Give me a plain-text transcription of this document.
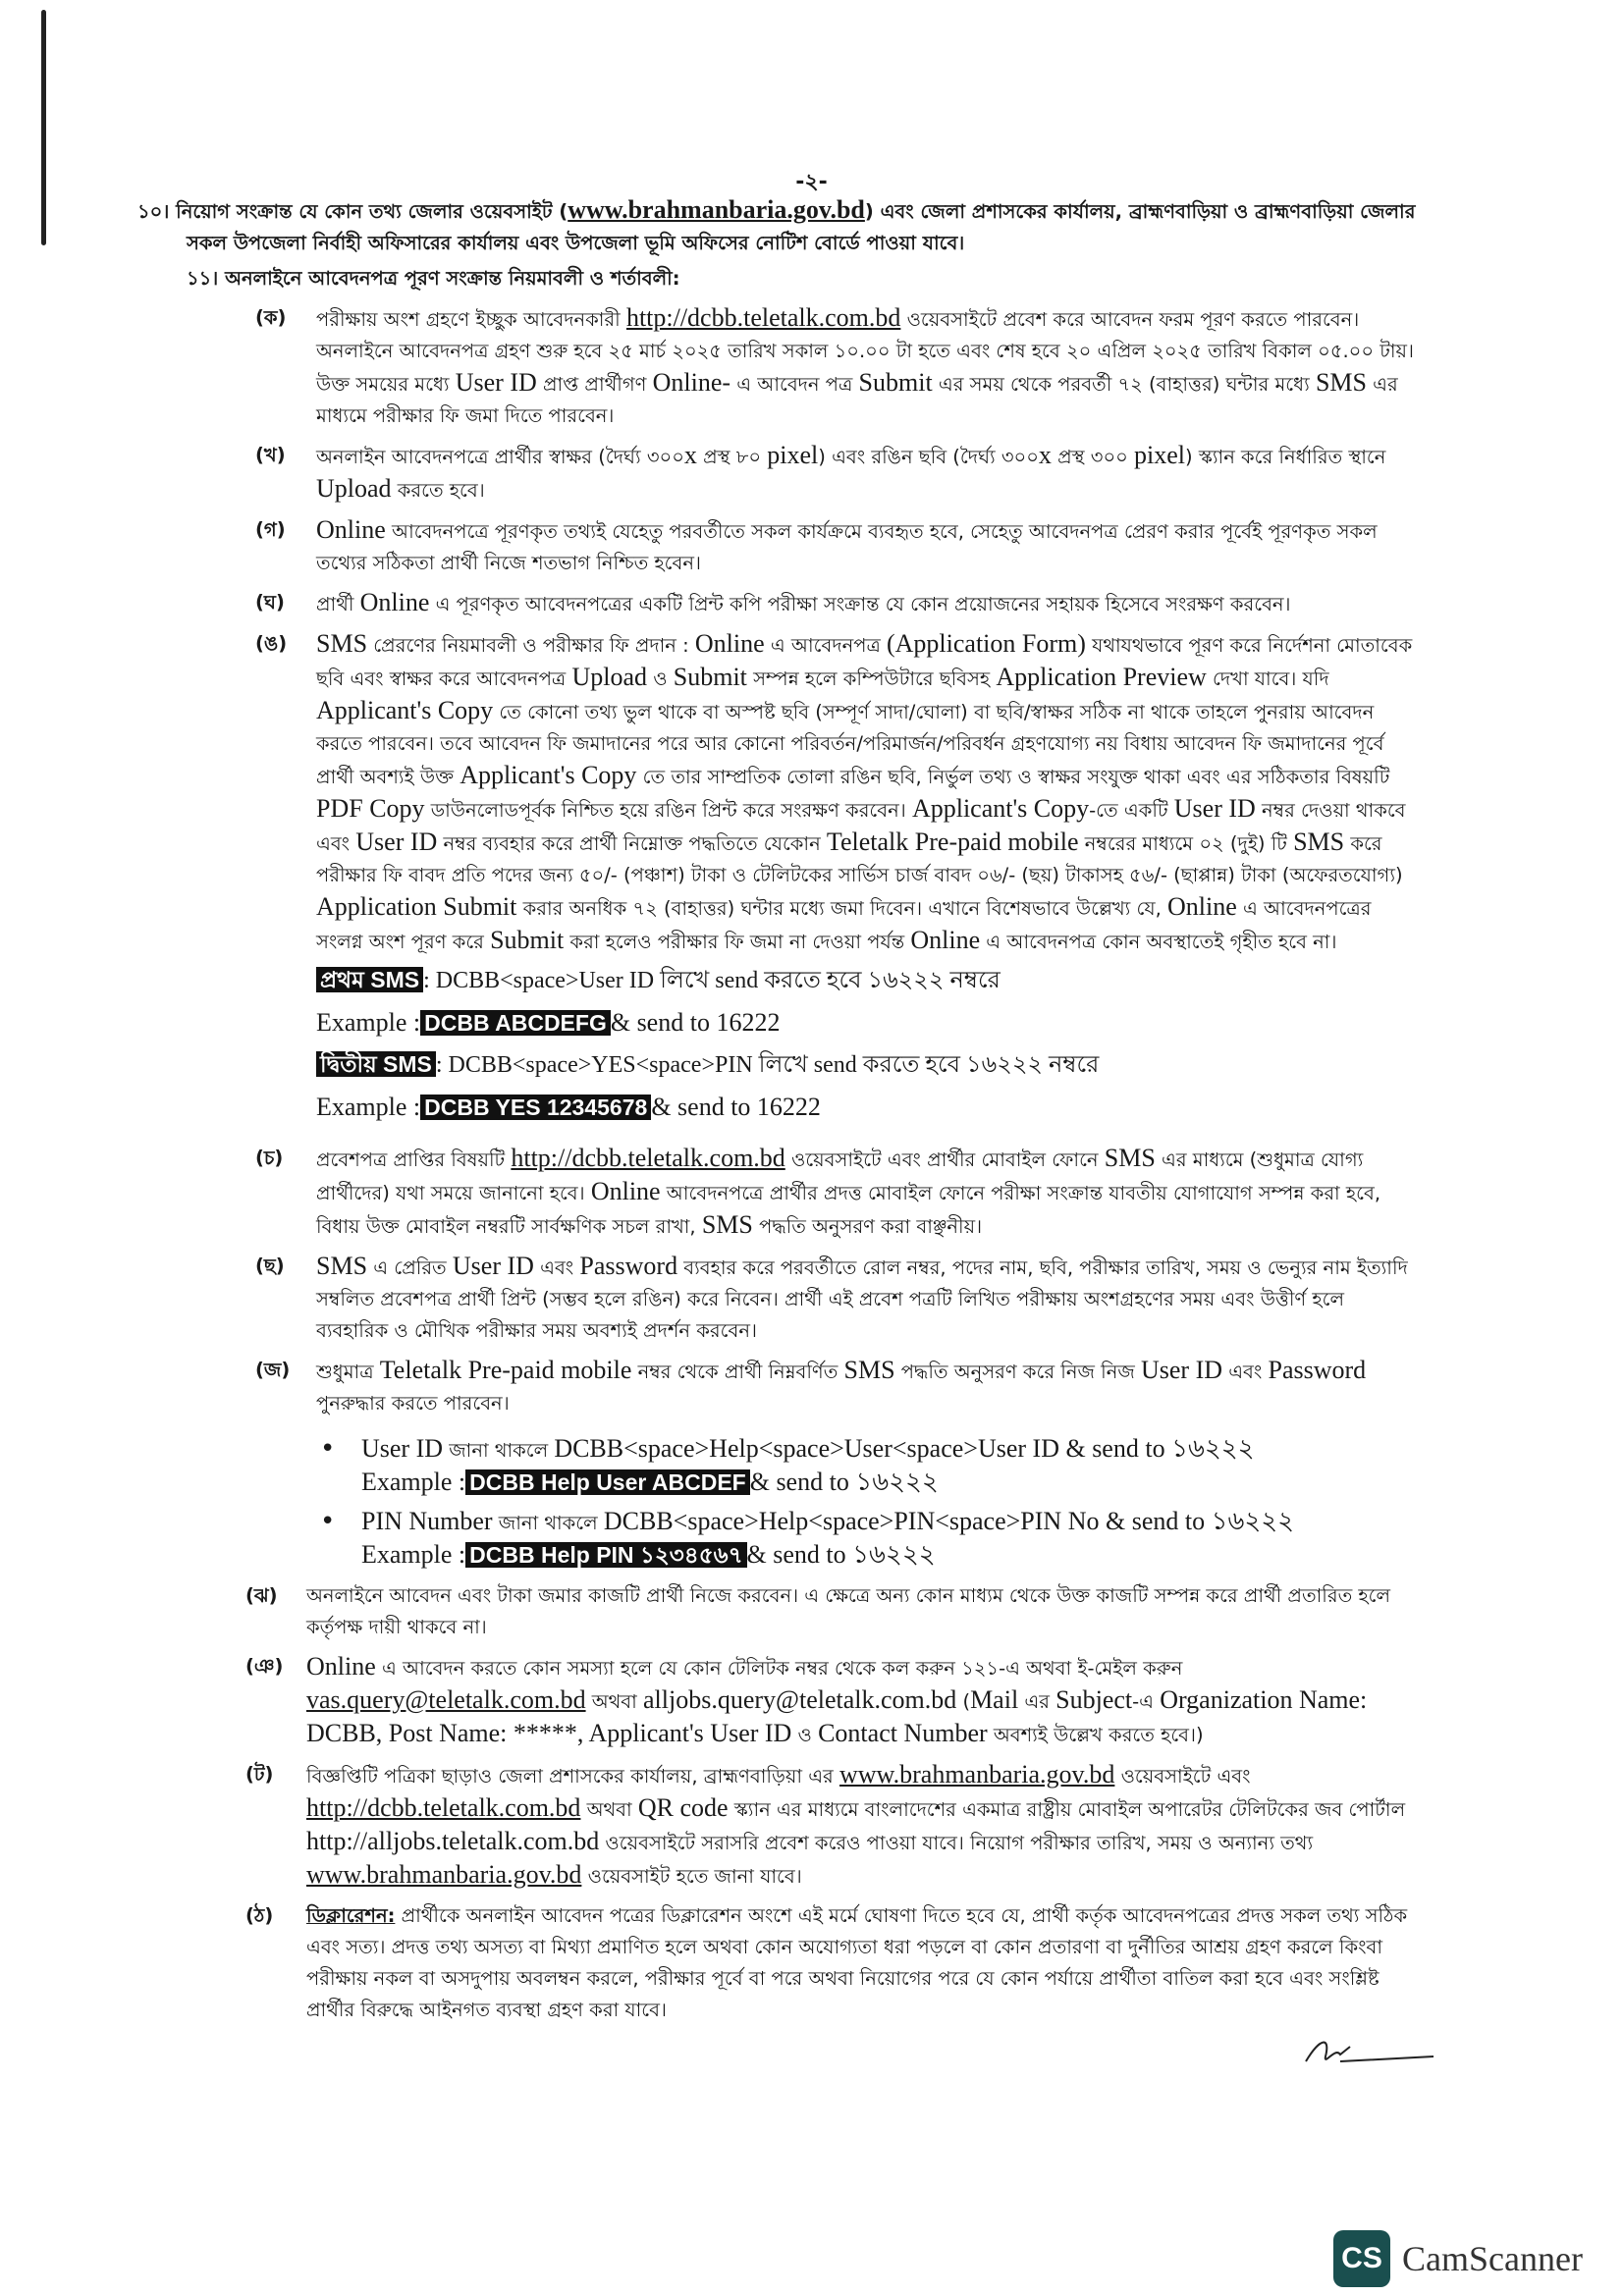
-২-

১০। নিয়োগ সংক্রান্ত যে কোন তথ্য জেলার ওয়েবসাইট (www.brahmanbaria.gov.bd) এবং জেলা প্রশাসকের কার্যালয়, ব্রাহ্মণবাড়িয়া ও ব্রাহ্মণবাড়িয়া জেলার সকল উপজেলা নির্বাহী অফিসারের কার্যালয় এবং উপজেলা ভূমি অফিসের নোটিশ বোর্ডে পাওয়া যাবে।

১১। অনলাইনে আবেদনপত্র পূরণ সংক্রান্ত নিয়মাবলী ও শর্তাবলী:

(ক) পরীক্ষায় অংশ গ্রহণে ইচ্ছুক আবেদনকারী http://dcbb.teletalk.com.bd ওয়েবসাইটে প্রবেশ করে আবেদন ফরম পূরণ করতে পারবেন। অনলাইনে আবেদনপত্র গ্রহণ শুরু হবে ২৫ মার্চ ২০২৫ তারিখ সকাল ১০.০০ টা হতে এবং শেষ হবে ২০ এপ্রিল ২০২৫ তারিখ বিকাল ০৫.০০ টায়। উক্ত সময়ের মধ্যে User ID প্রাপ্ত প্রার্থীগণ Online- এ আবেদন পত্র Submit এর সময় থেকে পরবর্তী ৭২ (বাহাত্তর) ঘন্টার মধ্যে SMS এর মাধ্যমে পরীক্ষার ফি জমা দিতে পারবেন।
(খ) অনলাইন আবেদনপত্রে প্রার্থীর স্বাক্ষর (দৈর্ঘ্য ৩০০x প্রস্থ ৮০ pixel) এবং রঙিন ছবি (দৈর্ঘ্য ৩০০x প্রস্থ ৩০০ pixel) স্ক্যান করে নির্ধারিত স্থানে Upload করতে হবে।
(গ) Online আবেদনপত্রে পূরণকৃত তথ্যই যেহেতু পরবর্তীতে সকল কার্যক্রমে ব্যবহৃত হবে, সেহেতু আবেদনপত্র প্রেরণ করার পূর্বেই পূরণকৃত সকল তথ্যের সঠিকতা প্রার্থী নিজে শতভাগ নিশ্চিত হবেন।
(ঘ) প্রার্থী Online এ পূরণকৃত আবেদনপত্রের একটি প্রিন্ট কপি পরীক্ষা সংক্রান্ত যে কোন প্রয়োজনের সহায়ক হিসেবে সংরক্ষণ করবেন।
(ঙ) SMS প্রেরণের নিয়মাবলী ও পরীক্ষার ফি প্রদান : Online এ আবেদনপত্র (Application Form) যথাযথভাবে পূরণ করে নির্দেশনা মোতাবেক ছবি এবং স্বাক্ষর করে আবেদনপত্র Upload ও Submit সম্পন্ন হলে কম্পিউটারে ছবিসহ Application Preview দেখা যাবে। যদি Applicant's Copy তে কোনো তথ্য ভুল থাকে বা অস্পষ্ট ছবি (সম্পূর্ণ সাদা/ঘোলা) বা ছবি/স্বাক্ষর সঠিক না থাকে তাহলে পুনরায় আবেদন করতে পারবেন। তবে আবেদন ফি জমাদানের পরে আর কোনো পরিবর্তন/পরিমার্জন/পরিবর্ধন গ্রহণযোগ্য নয় বিধায় আবেদন ফি জমাদানের পূর্বে প্রার্থী অবশ্যই উক্ত Applicant's Copy তে তার সাম্প্রতিক তোলা রঙিন ছবি, নির্ভুল তথ্য ও স্বাক্ষর সংযুক্ত থাকা এবং এর সঠিকতার বিষয়টি PDF Copy ডাউনলোডপূর্বক নিশ্চিত হয়ে রঙিন প্রিন্ট করে সংরক্ষণ করবেন। Applicant's Copy-তে একটি User ID নম্বর দেওয়া থাকবে এবং User ID নম্বর ব্যবহার করে প্রার্থী নিম্নোক্ত পদ্ধতিতে যেকোন Teletalk Pre-paid mobile নম্বরের মাধ্যমে ০২ (দুই) টি SMS করে পরীক্ষার ফি বাবদ প্রতি পদের জন্য ৫০/- (পঞ্চাশ) টাকা ও টেলিটকের সার্ভিস চার্জ বাবদ ০৬/- (ছয়) টাকাসহ ৫৬/- (ছাপ্পান্ন) টাকা (অফেরতযোগ্য) Application Submit করার অনধিক ৭২ (বাহাত্তর) ঘন্টার মধ্যে জমা দিবেন। এখানে বিশেষভাবে উল্লেখ্য যে, Online এ আবেদনপত্রের সংলগ্ন অংশ পূরণ করে Submit করা হলেও পরীক্ষার ফি জমা না দেওয়া পর্যন্ত Online এ আবেদনপত্র কোন অবস্থাতেই গৃহীত হবে না।
প্রথম SMS : DCBB<space>User ID লিখে send করতে হবে ১৬২২২ নম্বরে
Example : DCBB ABCDEFG & send to 16222
দ্বিতীয় SMS : DCBB<space>YES<space>PIN লিখে send করতে হবে ১৬২২২ নম্বরে
Example : DCBB YES 12345678 & send to 16222
(চ) প্রবেশপত্র প্রাপ্তির বিষয়টি http://dcbb.teletalk.com.bd ওয়েবসাইটে এবং প্রার্থীর মোবাইল ফোনে SMS এর মাধ্যমে (শুধুমাত্র যোগ্য প্রার্থীদের) যথা সময়ে জানানো হবে। Online আবেদনপত্রে প্রার্থীর প্রদত্ত মোবাইল ফোনে পরীক্ষা সংক্রান্ত যাবতীয় যোগাযোগ সম্পন্ন করা হবে, বিধায় উক্ত মোবাইল নম্বরটি সার্বক্ষণিক সচল রাখা, SMS পদ্ধতি অনুসরণ করা বাঞ্ছনীয়।
(ছ) SMS এ প্রেরিত User ID এবং Password ব্যবহার করে পরবর্তীতে রোল নম্বর, পদের নাম, ছবি, পরীক্ষার তারিখ, সময় ও ভেন্যুর নাম ইত্যাদি সম্বলিত প্রবেশপত্র প্রার্থী প্রিন্ট (সম্ভব হলে রঙিন) করে নিবেন। প্রার্থী এই প্রবেশ পত্রটি লিখিত পরীক্ষায় অংশগ্রহণের সময় এবং উত্তীর্ণ হলে ব্যবহারিক ও মৌখিক পরীক্ষার সময় অবশ্যই প্রদর্শন করবেন।
(জ) শুধুমাত্র Teletalk Pre-paid mobile নম্বর থেকে প্রার্থী নিম্নবর্ণিত SMS পদ্ধতি অনুসরণ করে নিজ নিজ User ID এবং Password পুনরুদ্ধার করতে পারবেন।
• User ID জানা থাকলে DCBB<space>Help<space>User<space>User ID & send to ১৬২২২
Example : DCBB Help User ABCDEF & send to ১৬২২২
• PIN Number জানা থাকলে DCBB<space>Help<space>PIN<space>PIN No & send to ১৬২২২
Example : DCBB Help PIN ১২৩৪৫৬৭ & send to ১৬২২২
(ঝ) অনলাইনে আবেদন এবং টাকা জমার কাজটি প্রার্থী নিজে করবেন। এ ক্ষেত্রে অন্য কোন মাধ্যম থেকে উক্ত কাজটি সম্পন্ন করে প্রার্থী প্রতারিত হলে কর্তৃপক্ষ দায়ী থাকবে না।
(ঞ) Online এ আবেদন করতে কোন সমস্যা হলে যে কোন টেলিটক নম্বর থেকে কল করুন ১২১-এ অথবা ই-মেইল করুন vas.query@teletalk.com.bd অথবা alljobs.query@teletalk.com.bd (Mail এর Subject-এ Organization Name: DCBB, Post Name: *****, Applicant's User ID ও Contact Number অবশ্যই উল্লেখ করতে হবে।)
(ট) বিজ্ঞপ্তিটি পত্রিকা ছাড়াও জেলা প্রশাসকের কার্যালয়, ব্রাহ্মণবাড়িয়া এর www.brahmanbaria.gov.bd ওয়েবসাইটে এবং http://dcbb.teletalk.com.bd অথবা QR code স্ক্যান এর মাধ্যমে বাংলাদেশের একমাত্র রাষ্ট্রীয় মোবাইল অপারেটর টেলিটকের জব পোর্টাল http://alljobs.teletalk.com.bd ওয়েবসাইটে সরাসরি প্রবেশ করেও পাওয়া যাবে। নিয়োগ পরীক্ষার তারিখ, সময় ও অন্যান্য তথ্য www.brahmanbaria.gov.bd ওয়েবসাইট হতে জানা যাবে।
(ঠ) ডিক্লারেশন: প্রার্থীকে অনলাইন আবেদন পত্রের ডিক্লারেশন অংশে এই মর্মে ঘোষণা দিতে হবে যে, প্রার্থী কর্তৃক আবেদনপত্রের প্রদত্ত সকল তথ্য সঠিক এবং সত্য। প্রদত্ত তথ্য অসত্য বা মিথ্যা প্রমাণিত হলে অথবা কোন অযোগ্যতা ধরা পড়লে বা কোন প্রতারণা বা দুর্নীতির আশ্রয় গ্রহণ করলে কিংবা পরীক্ষায় নকল বা অসদুপায় অবলম্বন করলে, পরীক্ষার পূর্বে বা পরে অথবা নিয়োগের পরে যে কোন পর্যায়ে প্রার্থীতা বাতিল করা হবে এবং সংশ্লিষ্ট প্রার্থীর বিরুদ্ধে আইনগত ব্যবস্থা গ্রহণ করা যাবে।
CS CamScanner
